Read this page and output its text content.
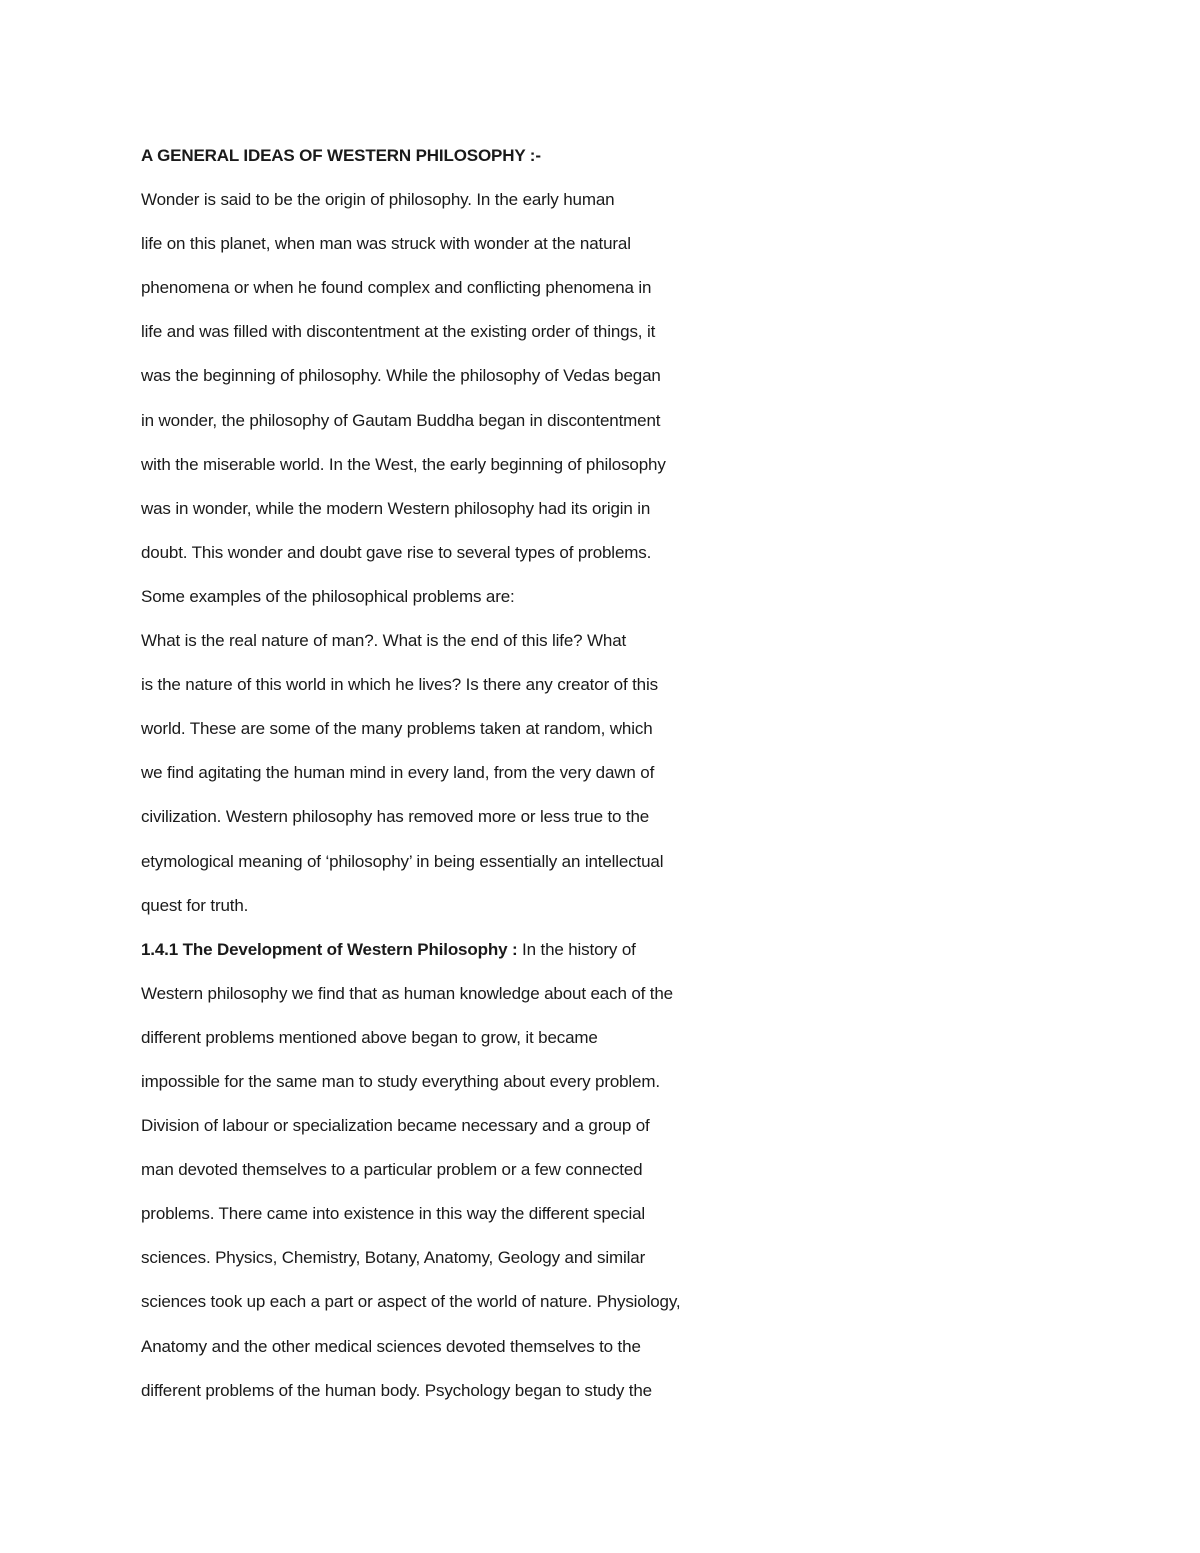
A GENERAL IDEAS OF WESTERN PHILOSOPHY :-
Wonder is said to be the origin of philosophy. In the early human
life on this planet, when man was struck with wonder at the natural
phenomena or when he found complex and conflicting phenomena in
life and was filled with discontentment at the existing order of things, it
was the beginning of philosophy. While the philosophy of Vedas began
in wonder, the philosophy of Gautam Buddha began in discontentment
with the miserable world. In the West, the early beginning of philosophy
was in wonder, while the modern Western philosophy had its origin in
doubt. This wonder and doubt gave rise to several types of problems.
Some examples of the philosophical problems are:
What is the real nature of man?. What is the end of this life? What
is the nature of this world in which he lives? Is there any creator of this
world. These are some of the many problems taken at random, which
we find agitating the human mind in every land, from the very dawn of
civilization. Western philosophy has removed more or less true to the
etymological meaning of ‘philosophy’ in being essentially an intellectual
quest for truth.
1.4.1 The Development of Western Philosophy : In the history of
Western philosophy we find that as human knowledge about each of the
different problems mentioned above began to grow, it became
impossible for the same man to study everything about every problem.
Division of labour or specialization became necessary and a group of
man devoted themselves to a particular problem or a few connected
problems. There came into existence in this way the different special
sciences. Physics, Chemistry, Botany, Anatomy, Geology and similar
sciences took up each a part or aspect of the world of nature. Physiology,
Anatomy and the other medical sciences devoted themselves to the
different problems of the human body. Psychology began to study the
